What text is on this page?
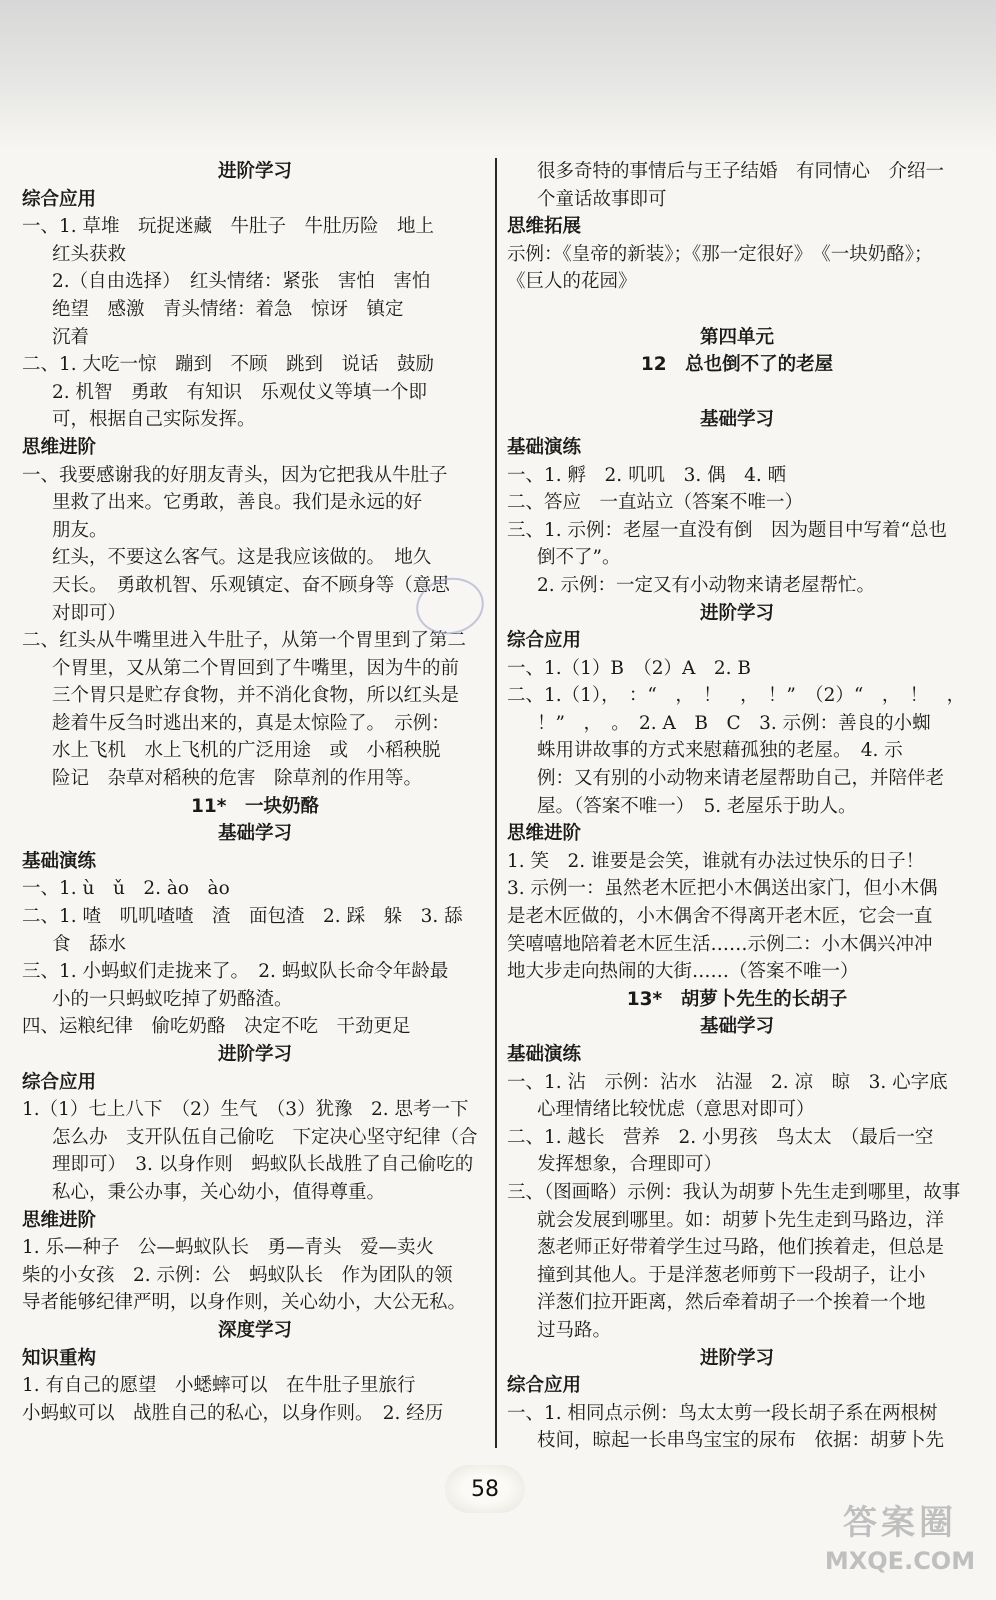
进阶学习
综合应用
一、1. 草堆　玩捉迷藏　牛肚子　牛肚历险　地上
红头获救
2.（自由选择）　红头情绪：紧张　害怕　害怕
绝望　感激　青头情绪：着急　惊讶　镇定
沉着
二、1. 大吃一惊　蹦到　不顾　跳到　说话　鼓励
2. 机智　勇敢　有知识　乐观仗义等填一个即
可，根据自己实际发挥。
思维进阶
一、我要感谢我的好朋友青头，因为它把我从牛肚子
里救了出来。它勇敢，善良。我们是永远的好
朋友。
红头，不要这么客气。这是我应该做的。　地久
天长。　勇敢机智、乐观镇定、奋不顾身等（意思
对即可）
二、红头从牛嘴里进入牛肚子，从第一个胃里到了第二
个胃里，又从第二个胃回到了牛嘴里，因为牛的前
三个胃只是贮存食物，并不消化食物，所以红头是
趁着牛反刍时逃出来的，真是太惊险了。　示例：
水上飞机　水上飞机的广泛用途　或　小稻秧脱
险记　杂草对稻秧的危害　除草剂的作用等。
11*　一块奶酪
基础学习
基础演练
一、1. ù　ǔ　2. ào　ào
二、1. 喳　叽叽喳喳　渣　面包渣　2. 踩　躲　3. 舔
食　舔水
三、1. 小蚂蚁们走拢来了。　2. 蚂蚁队长命令年龄最
小的一只蚂蚁吃掉了奶酪渣。
四、运粮纪律　偷吃奶酪　决定不吃　干劲更足
进阶学习
综合应用
1.（1）七上八下　（2）生气　（3）犹豫　2. 思考一下
怎么办　支开队伍自己偷吃　下定决心坚守纪律（合
理即可）　3. 以身作则　蚂蚁队长战胜了自己偷吃的
私心，秉公办事，关心幼小，值得尊重。
思维进阶
1. 乐—种子　公—蚂蚁队长　勇—青头　爱—卖火
柴的小女孩　2. 示例：公　蚂蚁队长　作为团队的领
导者能够纪律严明，以身作则，关心幼小，大公无私。
深度学习
知识重构
1. 有自己的愿望　小蟋蟀可以　在牛肚子里旅行
小蚂蚁可以　战胜自己的私心，以身作则。　2. 经历
很多奇特的事情后与王子结婚　有同情心　介绍一
个童话故事即可
思维拓展
示例：《皇帝的新装》；《那一定很好》　《一块奶酪》；
《巨人的花园》
第四单元
12　总也倒不了的老屋
基础学习
基础演练
一、1. 孵　2. 叽叽　3. 偶　4. 晒
二、答应　一直站立（答案不唯一）
三、1. 示例：老屋一直没有倒　因为题目中写着“总也
倒不了”。
2. 示例：一定又有小动物来请老屋帮忙。
进阶学习
综合应用
一、1.（1）B　（2）A　2. B
二、1.（1），　：“　，　！　，　！”　（2）“　，　！　，
！”　，　。　2. A　B　C　3. 示例：善良的小蜘
蛛用讲故事的方式来慰藉孤独的老屋。　4. 示
例：又有别的小动物来请老屋帮助自己，并陪伴老
屋。（答案不唯一）　5. 老屋乐于助人。
思维进阶
1. 笑　2. 谁要是会笑，谁就有办法过快乐的日子！
3. 示例一：虽然老木匠把小木偶送出家门，但小木偶
是老木匠做的，小木偶舍不得离开老木匠，它会一直
笑嘻嘻地陪着老木匠生活……示例二：小木偶兴冲冲
地大步走向热闹的大街……（答案不唯一）
13*　胡萝卜先生的长胡子
基础学习
基础演练
一、1. 沾　示例：沾水　沾湿　2. 凉　晾　3. 心字底
心理情绪比较忧虑（意思对即可）
二、1. 越长　营养　2. 小男孩　鸟太太　（最后一空
发挥想象，合理即可）
三、（图画略）示例：我认为胡萝卜先生走到哪里，故事
就会发展到哪里。如：胡萝卜先生走到马路边，洋
葱老师正好带着学生过马路，他们挨着走，但总是
撞到其他人。于是洋葱老师剪下一段胡子，让小
洋葱们拉开距离，然后牵着胡子一个挨着一个地
过马路。
进阶学习
综合应用
一、1. 相同点示例：鸟太太剪一段长胡子系在两根树
枝间，晾起一长串鸟宝宝的尿布　依据：胡萝卜先
58
答案圈
MXQE.COM
